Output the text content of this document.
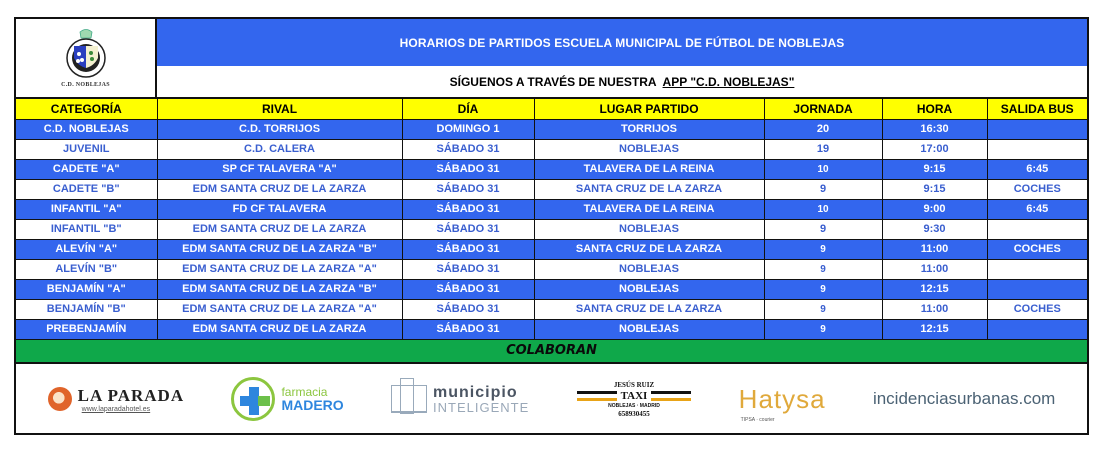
C.D. NOBLEJAS
HORARIOS DE PARTIDOS ESCUELA MUNICIPAL DE FÚTBOL DE NOBLEJAS
SÍGUENOS A TRAVÉS DE NUESTRA APP "C.D. NOBLEJAS"
CATEGORÍA	RIVAL	DÍA	LUGAR PARTIDO	JORNADA	HORA	SALIDA BUS
C.D. NOBLEJAS	C.D. TORRIJOS	DOMINGO 1	TORRIJOS	20	16:30	
JUVENIL	C.D. CALERA	SÁBADO 31	NOBLEJAS	19	17:00	
CADETE "A"	SP CF TALAVERA "A"	SÁBADO 31	TALAVERA DE LA REINA	10	9:15	6:45
CADETE "B"	EDM SANTA CRUZ DE LA ZARZA	SÁBADO 31	SANTA CRUZ DE LA ZARZA	9	9:15	COCHES
INFANTIL "A"	FD CF TALAVERA	SÁBADO 31	TALAVERA DE LA REINA	10	9:00	6:45
INFANTIL "B"	EDM SANTA CRUZ DE LA ZARZA	SÁBADO 31	NOBLEJAS	9	9:30	
ALEVÍN "A"	EDM SANTA CRUZ DE LA ZARZA "B"	SÁBADO 31	SANTA CRUZ DE LA ZARZA	9	11:00	COCHES
ALEVÍN "B"	EDM SANTA CRUZ DE LA ZARZA "A"	SÁBADO 31	NOBLEJAS	9	11:00	
BENJAMÍN "A"	EDM SANTA CRUZ DE LA ZARZA "B"	SÁBADO 31	NOBLEJAS	9	12:15	
BENJAMÍN "B"	EDM SANTA CRUZ DE LA ZARZA "A"	SÁBADO 31	SANTA CRUZ DE LA ZARZA	9	11:00	COCHES
PREBENJAMÍN	EDM SANTA CRUZ DE LA ZARZA	SÁBADO 31	NOBLEJAS	9	12:15	
COLABORAN
LA PARADA
www.laparadahotel.es
farmacia
MADERO
municipio
INTELIGENTE
JESÚS RUIZ
TAXI
NOBLEJAS · MADRID
658930455	Hatysa
TIPSA · courier
incidenciasurbanas.com
